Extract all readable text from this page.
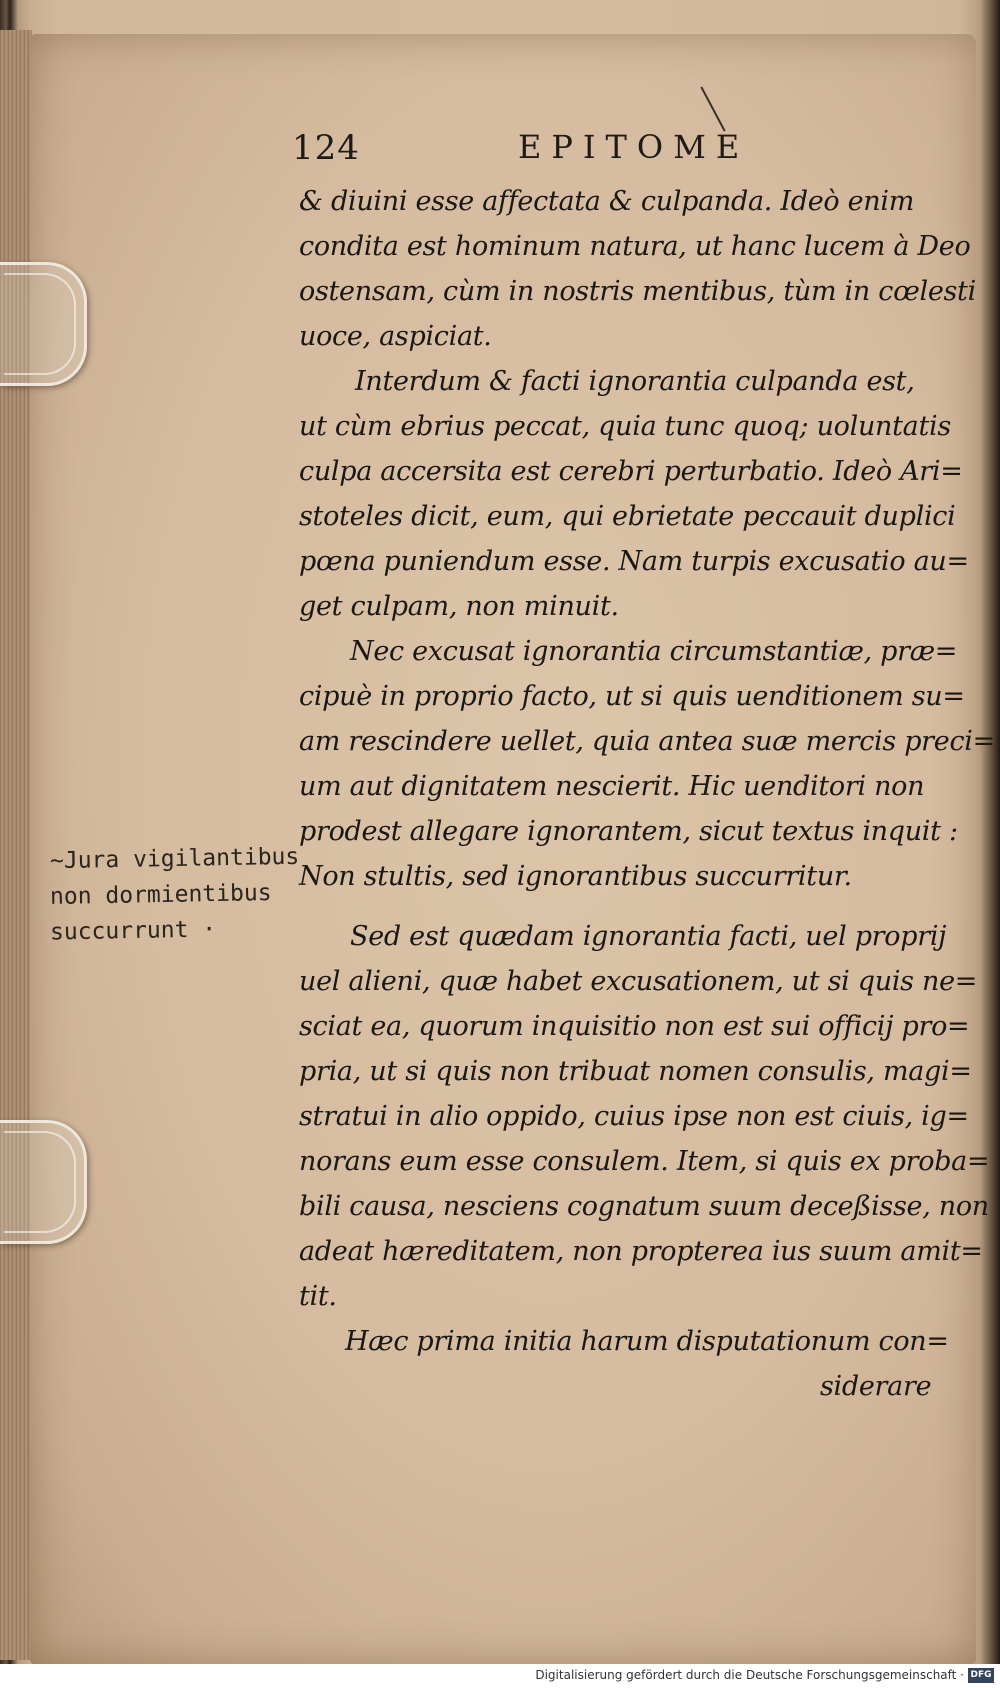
124	EPITOME
& diuini esse affectata & culpanda. Ideò enim
condita est hominum natura, ut hanc lucem à Deo
ostensam, cùm in nostris mentibus, tùm in cœlesti
uoce, aspiciat.
Interdum & facti ignorantia culpanda est,
ut cùm ebrius peccat, quia tunc quoq; uoluntatis
culpa accersita est cerebri perturbatio. Ideò Ari=
stoteles dicit, eum, qui ebrietate peccauit duplici
pœna puniendum esse. Nam turpis excusatio au=
get culpam, non minuit.
Nec excusat ignorantia circumstantiæ, præ=
cipuè in proprio facto, ut si quis uenditionem su=
am rescindere uellet, quia antea suæ mercis preci=
um aut dignitatem nescierit. Hic uenditori non
prodest allegare ignorantem, sicut textus inquit :
Non stultis, sed ignorantibus succurritur.
Sed est quædam ignorantia facti, uel proprij
uel alieni, quæ habet excusationem, ut si quis ne=
sciat ea, quorum inquisitio non est sui officij pro=
pria, ut si quis non tribuat nomen consulis, magi=
stratui in alio oppido, cuius ipse non est ciuis, ig=
norans eum esse consulem. Item, si quis ex proba=
bili causa, nesciens cognatum suum deceßisse, non
adeat hæreditatem, non propterea ius suum amit=
tit.
Hæc prima initia harum disputationum con=
siderare
~Jura vigilantibus
non dormientibus
succurrunt ·
Digitalisierung gefördert durch die Deutsche Forschungsgemeinschaft · DFG
